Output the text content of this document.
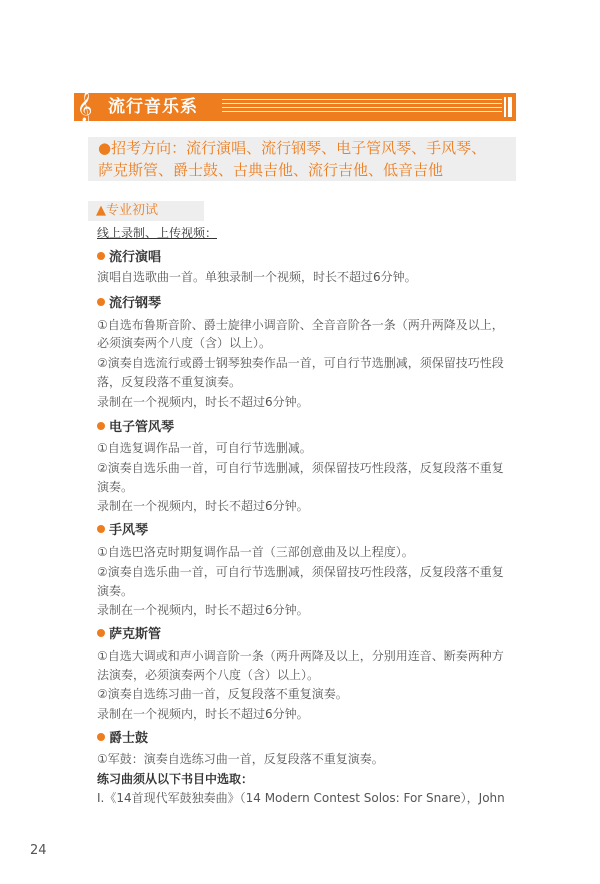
𝄞 流行音乐系
●招考方向：流行演唱、流行钢琴、电子管风琴、手风琴、
萨克斯管、爵士鼓、古典吉他、流行吉他、低音吉他
▲专业初试
线上录制、上传视频：
流行演唱
演唱自选歌曲一首。单独录制一个视频，时长不超过6分钟。
流行钢琴
①自选布鲁斯音阶、爵士旋律小调音阶、全音音阶各一条（两升两降及以上，
必须演奏两个八度（含）以上）。
②演奏自选流行或爵士钢琴独奏作品一首，可自行节选删减，须保留技巧性段
落，反复段落不重复演奏。
录制在一个视频内，时长不超过6分钟。
电子管风琴
①自选复调作品一首，可自行节选删减。
②演奏自选乐曲一首，可自行节选删减，须保留技巧性段落，反复段落不重复
演奏。
录制在一个视频内，时长不超过6分钟。
手风琴
①自选巴洛克时期复调作品一首（三部创意曲及以上程度）。
②演奏自选乐曲一首，可自行节选删减，须保留技巧性段落，反复段落不重复
演奏。
录制在一个视频内，时长不超过6分钟。
萨克斯管
①自选大调或和声小调音阶一条（两升两降及以上，分别用连音、断奏两种方
法演奏，必须演奏两个八度（含）以上）。
②演奏自选练习曲一首，反复段落不重复演奏。
录制在一个视频内，时长不超过6分钟。
爵士鼓
①军鼓：演奏自选练习曲一首，反复段落不重复演奏。
练习曲须从以下书目中选取：
I.《14首现代军鼓独奏曲》（14 Modern Contest Solos: For Snare），John
24
